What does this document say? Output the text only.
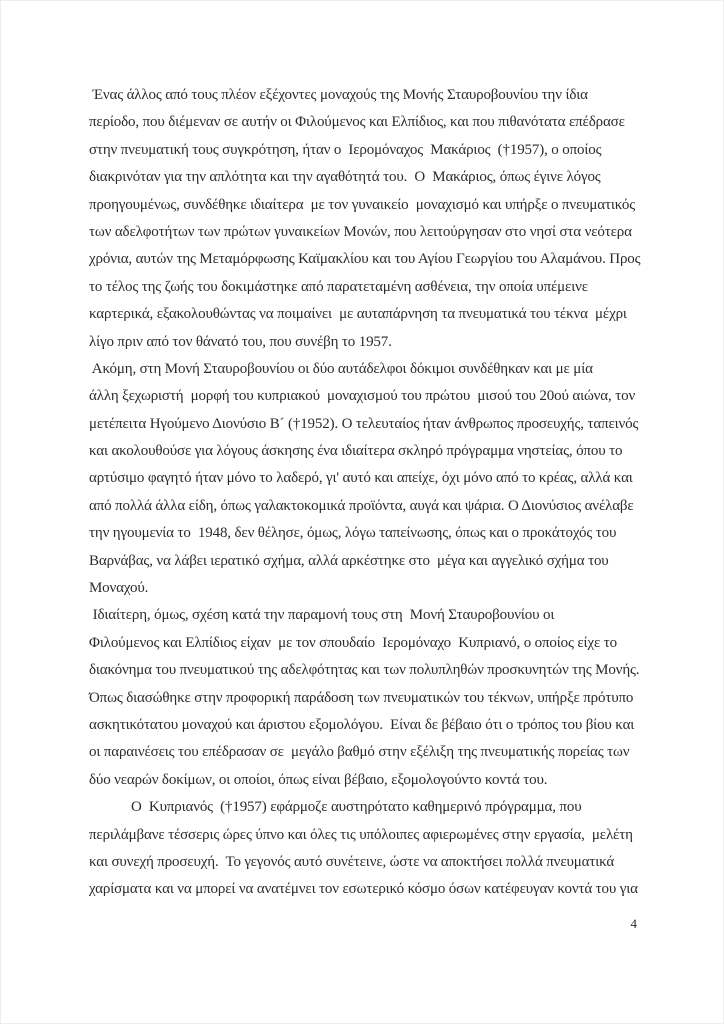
Ένας άλλος από τους πλέον εξέχοντες μοναχούς της Μονής Σταυροβουνίου την ίδια
περίοδο, που διέμεναν σε αυτήν οι Φιλούμενος και Ελπίδιος, και που πιθανότατα επέδρασε
στην πνευματική τους συγκρότηση, ήταν ο  Ιερομόναχος  Μακάριος  (†1957), ο οποίος
διακρινόταν για την απλότητα και την αγαθότητά του.  Ο  Μακάριος, όπως έγινε λόγος
προηγουμένως, συνδέθηκε ιδιαίτερα  με τον γυναικείο  μοναχισμό και υπήρξε ο πνευματικός
των αδελφοτήτων των πρώτων γυναικείων Μονών, που λειτούργησαν στο νησί στα νεότερα
χρόνια, αυτών της Μεταμόρφωσης Καϊμακλίου και του Αγίου Γεωργίου του Αλαμάνου. Προς
το τέλος της ζωής του δοκιμάστηκε από παρατεταμένη ασθένεια, την οποία υπέμεινε
καρτερικά, εξακολουθώντας να ποιμαίνει  με αυταπάρνηση τα πνευματικά του τέκνα  μέχρι
λίγο πριν από τον θάνατό του, που συνέβη το 1957.
Ακόμη, στη Μονή Σταυροβουνίου οι δύο αυτάδελφοι δόκιμοι συνδέθηκαν και με μία
άλλη ξεχωριστή  μορφή του κυπριακού  μοναχισμού του πρώτου  μισού του 20ού αιώνα, τον
μετέπειτα Ηγούμενο Διονύσιο Β´ (†1952). Ο τελευταίος ήταν άνθρωπος προσευχής, ταπεινός
και ακολουθούσε για λόγους άσκησης ένα ιδιαίτερα σκληρό πρόγραμμα νηστείας, όπου το
αρτύσιμο φαγητό ήταν μόνο το λαδερό, γι' αυτό και απείχε, όχι μόνο από το κρέας, αλλά και
από πολλά άλλα είδη, όπως γαλακτοκομικά προϊόντα, αυγά και ψάρια. Ο Διονύσιος ανέλαβε
την ηγουμενία το  1948, δεν θέλησε, όμως, λόγω ταπείνωσης, όπως και ο προκάτοχός του
Βαρνάβας, να λάβει ιερατικό σχήμα, αλλά αρκέστηκε στο  μέγα και αγγελικό σχήμα του
Μοναχού.
Ιδιαίτερη, όμως, σχέση κατά την παραμονή τους στη  Μονή Σταυροβουνίου οι
Φιλούμενος και Ελπίδιος είχαν  με τον σπουδαίο  Ιερομόναχο  Κυπριανό, ο οποίος είχε το
διακόνημα του πνευματικού της αδελφότητας και των πολυπληθών προσκυνητών της Μονής.
Όπως διασώθηκε στην προφορική παράδοση των πνευματικών του τέκνων, υπήρξε πρότυπο
ασκητικότατου μοναχού και άριστου εξομολόγου.  Είναι δε βέβαιο ότι ο τρόπος του βίου και
οι παραινέσεις του επέδρασαν σε  μεγάλο βαθμό στην εξέλιξη της πνευματικής πορείας των
δύο νεαρών δοκίμων, οι οποίοι, όπως είναι βέβαιο, εξομολογούντο κοντά του.
Ο  Κυπριανός  (†1957) εφάρμοζε αυστηρότατο καθημερινό πρόγραμμα, που
περιλάμβανε τέσσερις ώρες ύπνο και όλες τις υπόλοιπες αφιερωμένες στην εργασία,  μελέτη
και συνεχή προσευχή.  Το γεγονός αυτό συνέτεινε, ώστε να αποκτήσει πολλά πνευματικά
χαρίσματα και να μπορεί να ανατέμνει τον εσωτερικό κόσμο όσων κατέφευγαν κοντά του για
4
